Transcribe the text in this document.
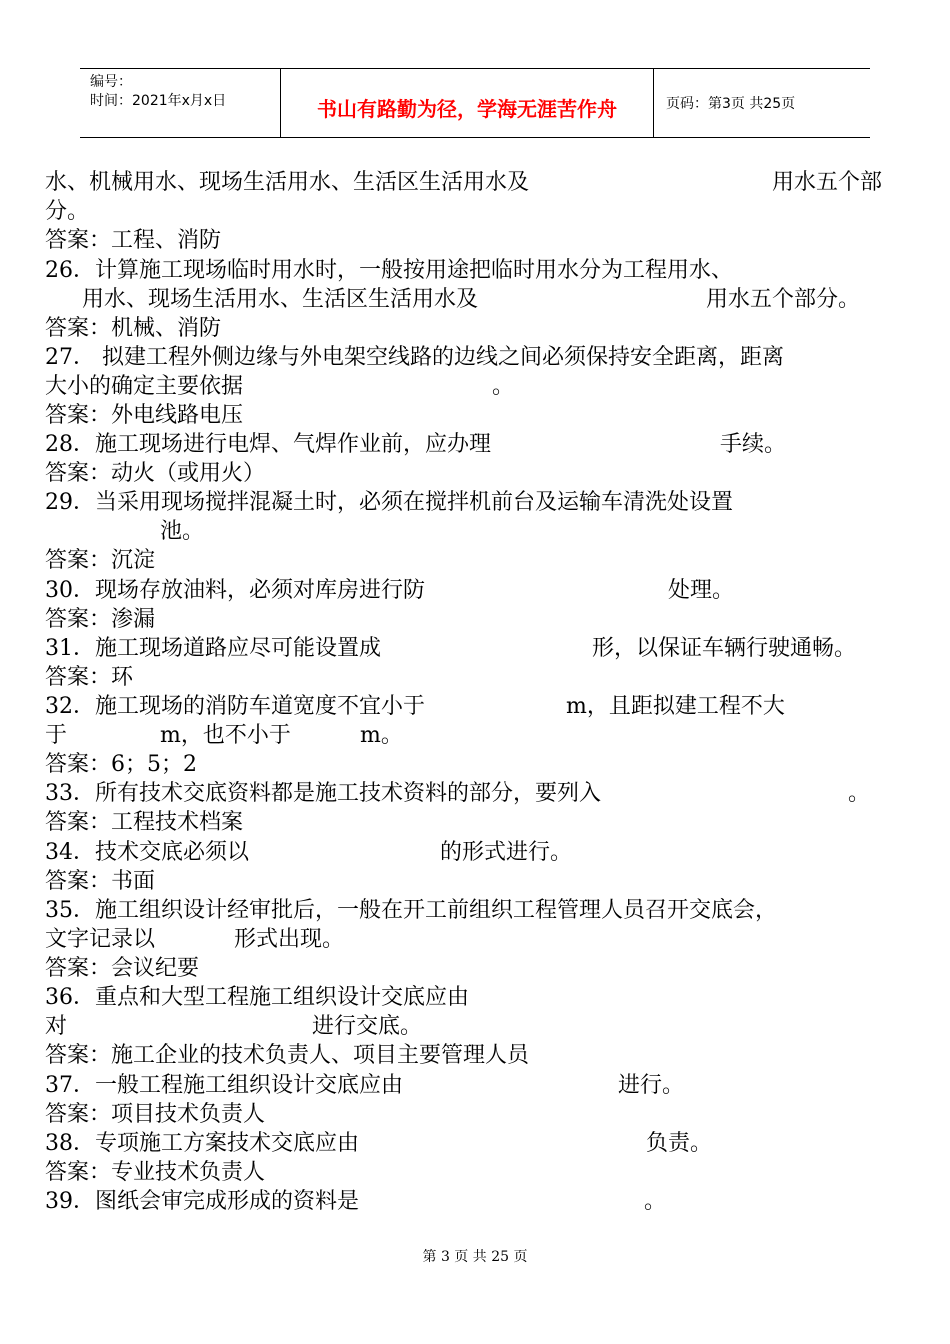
编号：
时间：2021年x月x日	书山有路勤为径，学海无涯苦作舟	页码：第3页 共25页
水、机械用水、现场生活用水、生活区生活用水及	用水五个部
分。
答案：工程、消防
26．计算施工现场临时用水时，一般按用途把临时用水分为工程用水、
用水、现场生活用水、生活区生活用水及	用水五个部分。
答案：机械、消防
27． 拟建工程外侧边缘与外电架空线路的边线之间必须保持安全距离，距离
大小的确定主要依据	。
答案：外电线路电压
28．施工现场进行电焊、气焊作业前，应办理	手续。
答案：动火（或用火）
29．当采用现场搅拌混凝土时，必须在搅拌机前台及运输车清洗处设置
池。
答案：沉淀
30．现场存放油料，必须对库房进行防	处理。
答案：渗漏
31．施工现场道路应尽可能设置成	形，以保证车辆行驶通畅。
答案：环
32．施工现场的消防车道宽度不宜小于	m，且距拟建工程不大
于	m，也不小于	m。
答案：6；5；2
33．所有技术交底资料都是施工技术资料的部分，要列入	。
答案：工程技术档案
34．技术交底必须以	的形式进行。
答案：书面
35．施工组织设计经审批后，一般在开工前组织工程管理人员召开交底会，
文字记录以	形式出现。
答案：会议纪要
36．重点和大型工程施工组织设计交底应由
对	进行交底。
答案：施工企业的技术负责人、项目主要管理人员
37．一般工程施工组织设计交底应由	进行。
答案：项目技术负责人
38．专项施工方案技术交底应由	负责。
答案：专业技术负责人
39．图纸会审完成形成的资料是	。
第 3 页 共 25 页
